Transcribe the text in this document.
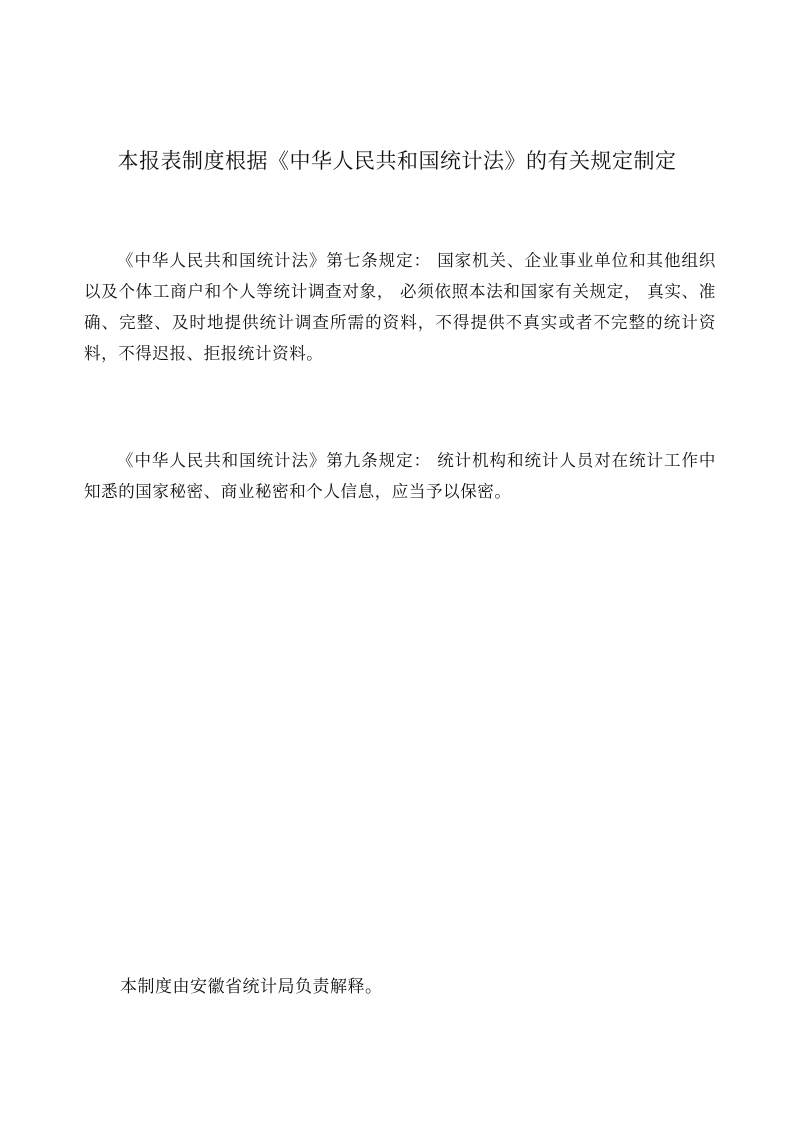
本报表制度根据《中华人民共和国统计法》的有关规定制定

《中华人民共和国统计法》第七条规定： 国家机关、企业事业单位和其他组织以及个体工商户和个人等统计调查对象， 必须依照本法和国家有关规定， 真实、准确、完整、及时地提供统计调查所需的资料，不得提供不真实或者不完整的统计资料，不得迟报、拒报统计资料。

《中华人民共和国统计法》第九条规定： 统计机构和统计人员对在统计工作中知悉的国家秘密、商业秘密和个人信息，应当予以保密。

本制度由安徽省统计局负责解释。
